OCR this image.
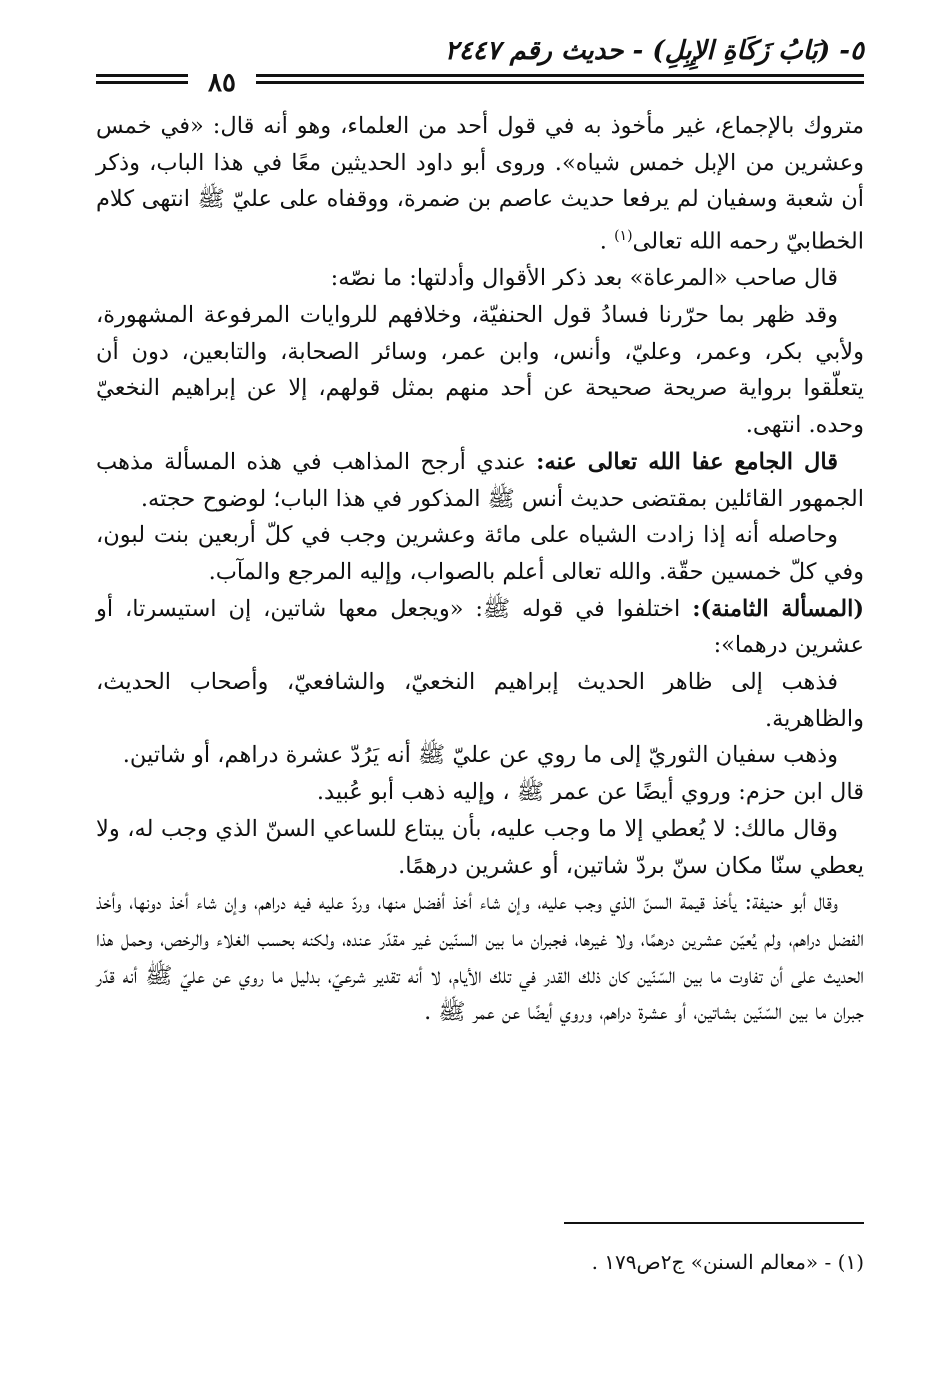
٥- (بَابُ زَكَاةِ الإِبِلِ) - حديث رقم ٢٤٤٧
٨٥

متروك بالإجماع، غير مأخوذ به في قول أحد من العلماء، وهو أنه قال: «في خمس وعشرين من الإبل خمس شياه». وروى أبو داود الحديثين معًا في هذا الباب، وذكر أن شعبة وسفيان لم يرفعا حديث عاصم بن ضمرة، ووقفاه على عليّ ﷺ انتهى كلام الخطابيّ رحمه الله تعالى$^{(١)}$ .

قال صاحب «المرعاة» بعد ذكر الأقوال وأدلتها: ما نصّه:

وقد ظهر بما حرّرنا فسادُ قول الحنفيّة، وخلافهم للروايات المرفوعة المشهورة، ولأبي بكر، وعمر، وعليّ، وأنس، وابن عمر، وسائر الصحابة، والتابعين، دون أن يتعلّقوا برواية صريحة صحيحة عن أحد منهم بمثل قولهم، إلا عن إبراهيم النخعيّ وحده. انتهى.

قال الجامع عفا الله تعالى عنه: عندي أرجح المذاهب في هذه المسألة مذهب الجمهور القائلين بمقتضى حديث أنس ﷺ المذكور في هذا الباب؛ لوضوح حجته.

وحاصله أنه إذا زادت الشياه على مائة وعشرين وجب في كلّ أربعين بنت لبون، وفي كلّ خمسين حقّة. والله تعالى أعلم بالصواب، وإليه المرجع والمآب.

(المسألة الثامنة): اختلفوا في قوله ﷺ: «ويجعل معها شاتين، إن استيسرتا، أو عشرين درهما»:

فذهب إلى ظاهر الحديث إبراهيم النخعيّ، والشافعيّ، وأصحاب الحديث، والظاهرية.

وذهب سفيان الثوريّ إلى ما روي عن عليّ ﷺ أنه يَرُدّ عشرة دراهم، أو شاتين.

قال ابن حزم: وروي أيضًا عن عمر ﷺ ، وإليه ذهب أبو عُبيد.

وقال مالك: لا يُعطي إلا ما وجب عليه، بأن يبتاع للساعي السنّ الذي وجب له، ولا يعطي سنّا مكان سنّ بردّ شاتين، أو عشرين درهمًا.

وقال أبو حنيفة: يأخذ قيمة السنّ الذي وجب عليه، وإن شاء أخذ أفضل منها، وردّ عليه فيه دراهم، وإن شاء أخذ دونها، وأخذ الفضل دراهم، ولم يُعيّن عشرين درهمًا، ولا غيرها، فجبران ما بين السنّين غير مقدّر عنده، ولكنه بحسب الغلاء والرخص، وحمل هذا الحديث على أن تفاوت ما بين السّنّين كان ذلك القدر في تلك الأيام، لا أنه تقدير شرعيّ، بدليل ما روي عن عليّ ﷺ أنه قدّر جبران ما بين السّنّين بشاتين، أو عشرة دراهم، وروي أيضًا عن عمر ﷺ .

(١) - «معالم السنن» ج٢ص١٧٩ .
